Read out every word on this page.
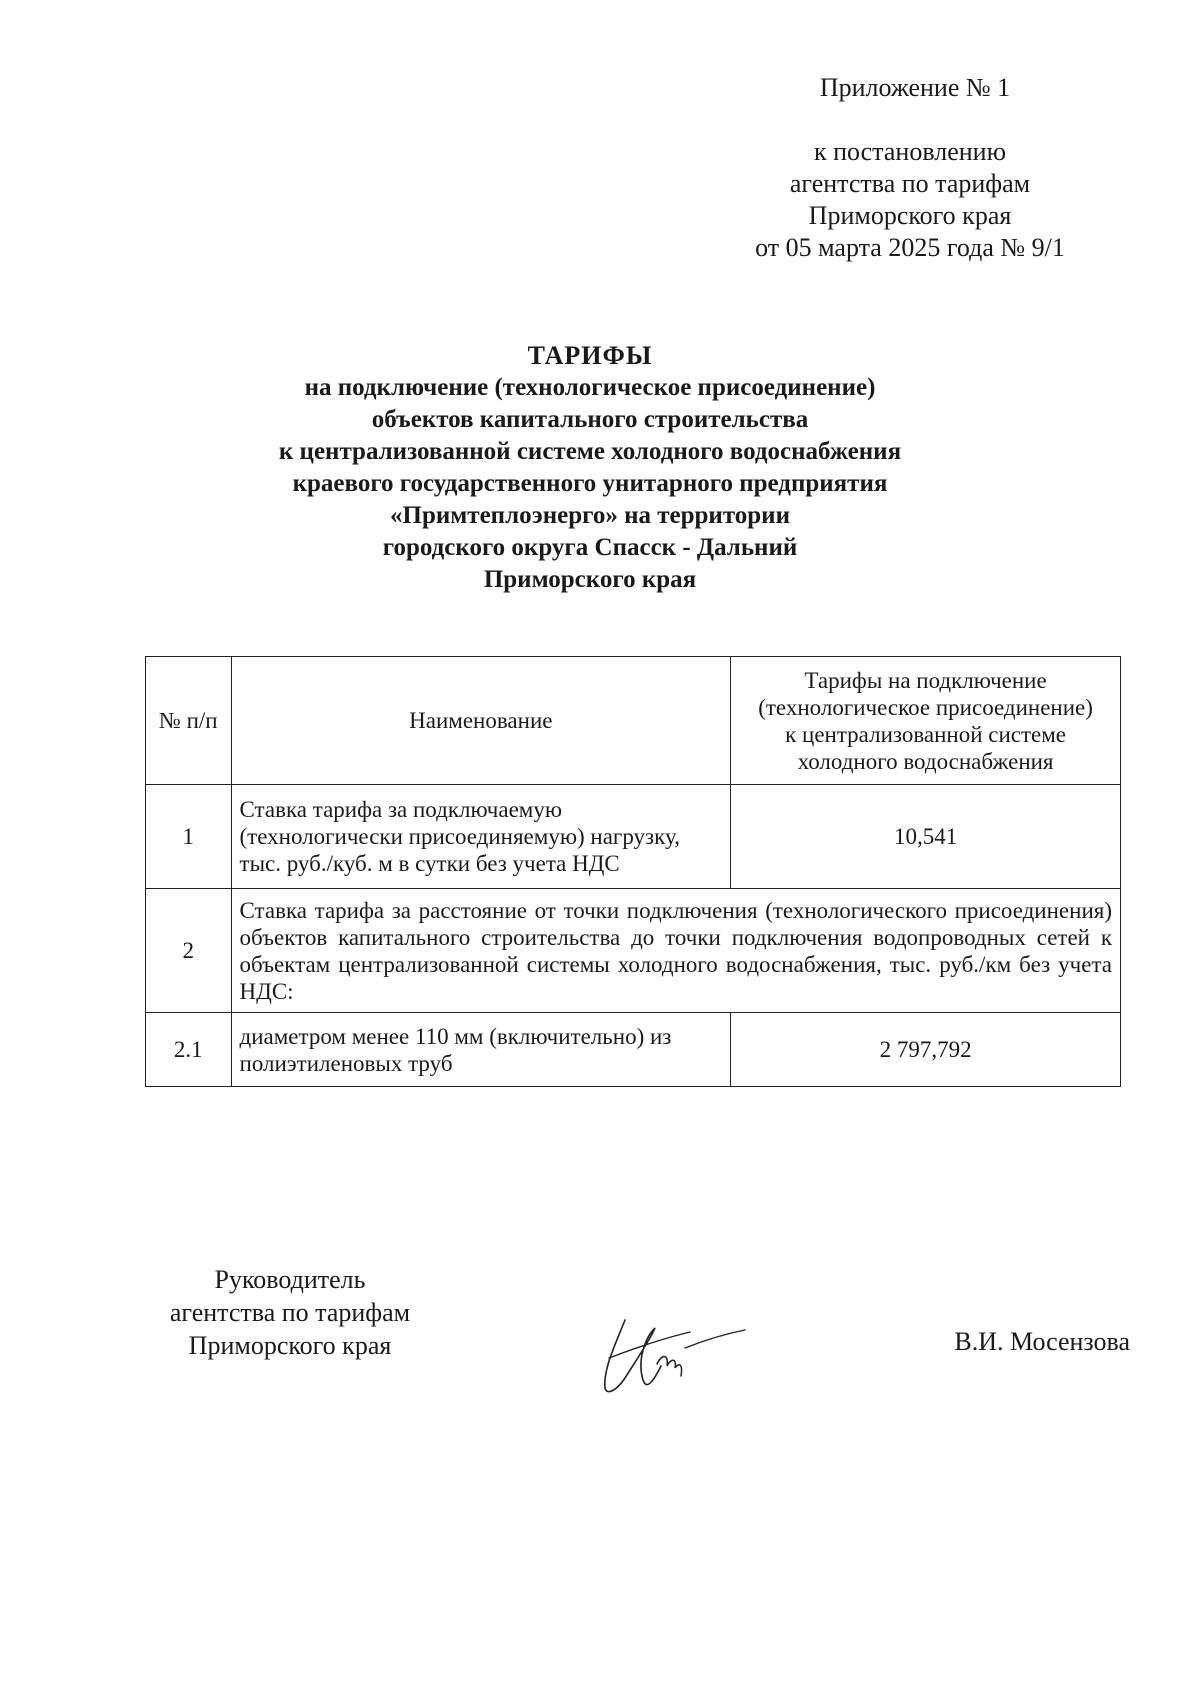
Приложение № 1
к постановлению
агентства по тарифам
Приморского края
от 05 марта 2025 года № 9/1
ТАРИФЫ
на подключение (технологическое присоединение)
объектов капитального строительства
к централизованной системе холодного водоснабжения
краевого государственного унитарного предприятия
«Примтеплоэнерго» на территории
городского округа Спасск - Дальний
Приморского края
№ п/п	Наименование	Тарифы на подключение
(технологическое присоединение)
к централизованной системе
холодного водоснабжения

1	Ставка тарифа за подключаемую (технологически присоединяемую) нагрузку, тыс. руб./куб. м в сутки без учета НДС	10,541
2	Ставка тарифа за расстояние от точки подключения (технологического присоединения) объектов капитального строительства до точки подключения водопроводных сетей к объектам централизованной системы холодного водоснабжения, тыс. руб./км без учета НДС:	
2.1	диаметром менее 110 мм (включительно) из полиэтиленовых труб	2 797,792
Руководитель
агентства по тарифам
Приморского края	В.И. Мосензова
